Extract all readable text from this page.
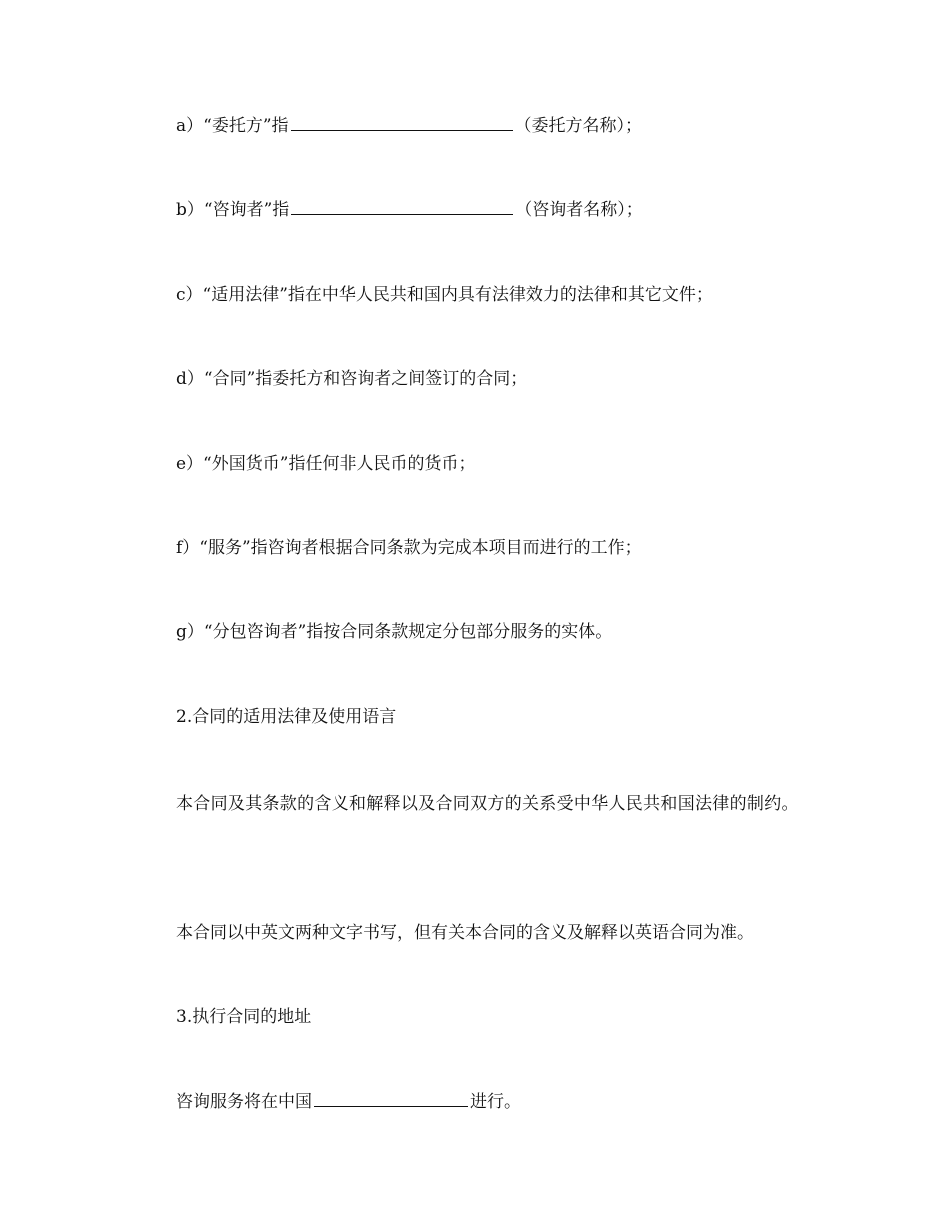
a）“委托方”指	（委托方名称）；
b）“咨询者”指	（咨询者名称）；
c）“适用法律”指在中华人民共和国内具有法律效力的法律和其它文件；
d）“合同”指委托方和咨询者之间签订的合同；
e）“外国货币”指任何非人民币的货币；
f）“服务”指咨询者根据合同条款为完成本项目而进行的工作；
g）“分包咨询者”指按合同条款规定分包部分服务的实体。
2.合同的适用法律及使用语言
本合同及其条款的含义和解释以及合同双方的关系受中华人民共和国法律的制约。
本合同以中英文两种文字书写，但有关本合同的含义及解释以英语合同为准。
3.执行合同的地址
咨询服务将在中国	进行。
